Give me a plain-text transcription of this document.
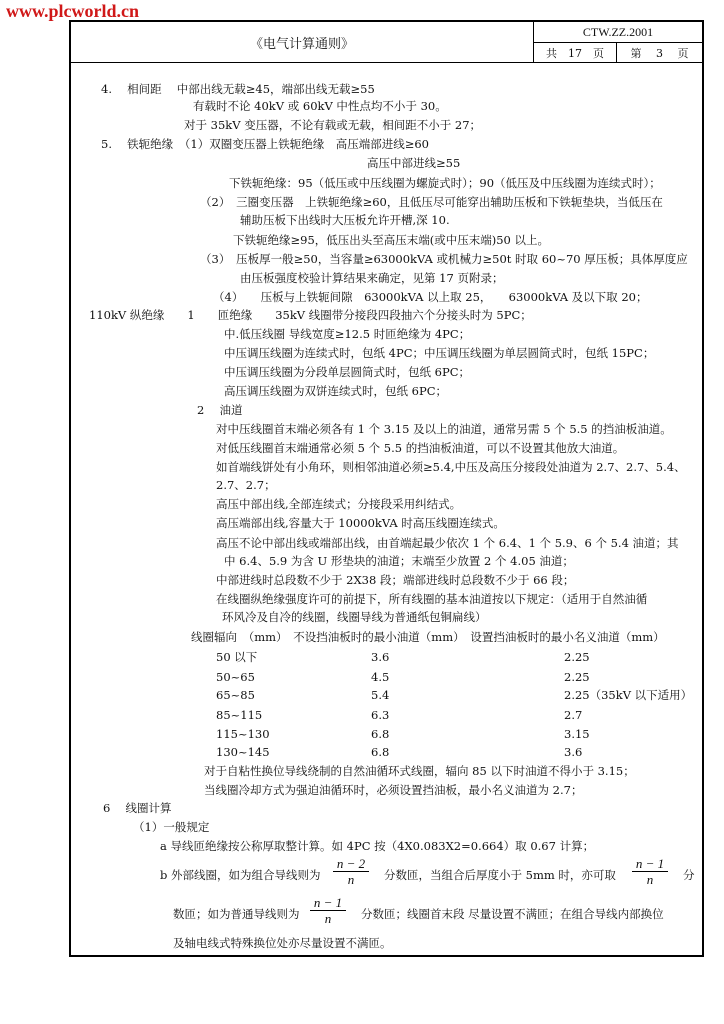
www.plcworld.cn
《电气计算通则》
CTW.ZZ.2001
共　17　页	第　 3　 页
4.　 相间距　 中部出线无载≥45，端部出线无载≥55
有载时不论 40kV 或 60kV 中性点均不小于 30。
对于 35kV 变压器，不论有载或无载，相间距不小于 27；
5.　 铁轭绝缘　（1）双圈变压器上铁轭绝缘　高压端部进线≥60
高压中部进线≥55
下铁轭绝缘：95（低压或中压线圈为螺旋式时）；90（低压及中压线圈为连续式时）；
（2）　三圈变压器　上铁轭绝缘≥60，且低压尽可能穿出辅助压板和下铁轭垫块，当低压在
辅助压板下出线时大压板允许开槽,深 10.
下铁轭绝缘≥95，低压出头至高压末端(或中压末端)50 以上。
（3）　压板厚一般≥50，当容量≥63000kVA 或机械力≥50t 时取 60~70 厚压板；具体厚度应
由压板强度校验计算结果来确定，见第 17 页附录；
（4）　　压板与上铁轭间隙　63000kVA 以上取 25，　　63000kVA 及以下取 20；
110kV 纵绝缘　　1　　匝绝缘　　35kV 线圈带分接段四段抽六个分接头时为 5PC；
中.低压线圈 导线宽度≥12.5 时匝绝缘为 4PC；
中压调压线圈为连续式时，包纸 4PC；中压调压线圈为单层圆筒式时，包纸 15PC；
中压调压线圈为分段单层圆筒式时，包纸 6PC；
高压调压线圈为双饼连续式时，包纸 6PC；
2　 油道
对中压线圈首末端必须各有 1 个 3.15 及以上的油道，通常另需 5 个 5.5 的挡油板油道。
对低压线圈首末端通常必须 5 个 5.5 的挡油板油道，可以不设置其他放大油道。
如首端线饼处有小角环，则相邻油道必须≥5.4,中压及高压分接段处油道为 2.7、2.7、5.4、
2.7、2.7；
高压中部出线,全部连续式；分接段采用纠结式。
高压端部出线,容量大于 10000kVA 时高压线圈连续式。
高压不论中部出线或端部出线，由首端起最少依次 1 个 6.4、1 个 5.9、6 个 5.4 油道；其
中 6.4、5.9 为含 U 形垫块的油道；末端至少放置 2 个 4.05 油道；
中部进线时总段数不少于 2X38 段；端部进线时总段数不少于 66 段；
在线圈纵绝缘强度许可的前提下，所有线圈的基本油道按以下规定：（适用于自然油循
环风冷及自冷的线圈，线圈导线为普通纸包铜扁线）
线圈辐向　（mm）　不设挡油板时的最小油道（mm）　设置挡油板时的最小名义油道（mm）
50 以下	3.6	2.25
50~65	4.5	2.25
65~85	5.4	2.25（35kV 以下适用）
85~115	6.3	2.7
115~130	6.8	3.15
130~145	6.8	3.6
对于自粘性换位导线绕制的自然油循环式线圈，辐向 85 以下时油道不得小于 3.15；
当线圈冷却方式为强迫油循环时，必须设置挡油板，最小名义油道为 2.7；
6　 线圈计算
（1）一般规定
a 导线匝绝缘按公称厚取整计算。如 4PC 按（4X0.083X2=0.664）取 0.67 计算；
b 外部线圈，如为组合导线则为 $\frac{n - 2}{n}$ 分数匝，当组合后厚度小于 5mm 时，亦可取 $\frac{n - 1}{n}$ 分
数匝；如为普通导线则为 $\frac{n - 1}{n}$ 分数匝；线圈首末段 尽量设置不满匝；在组合导线内部换位
及轴电线式特殊换位处亦尽量设置不满匝。
